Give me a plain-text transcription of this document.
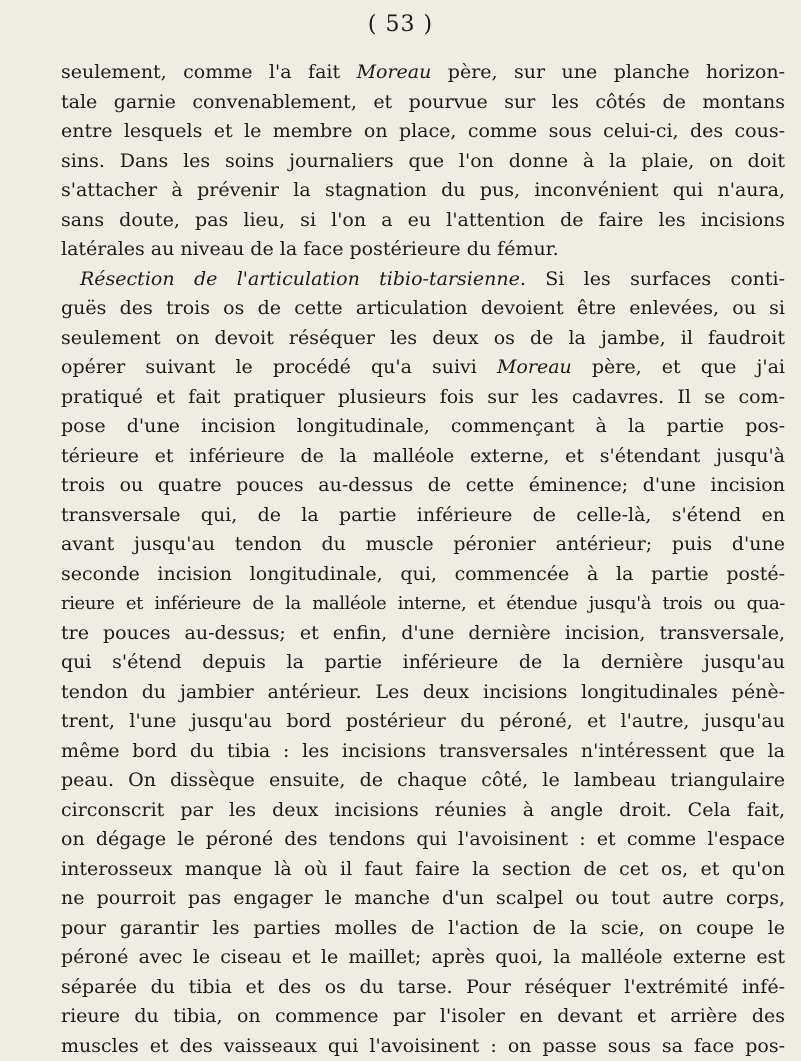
( 53 )
seulement, comme l'a fait Moreau père, sur une planche horizon-
tale garnie convenablement, et pourvue sur les côtés de montans
entre lesquels et le membre on place, comme sous celui-ci, des cous-
sins. Dans les soins journaliers que l'on donne à la plaie, on doit
s'attacher à prévenir la stagnation du pus, inconvénient qui n'aura,
sans doute, pas lieu, si l'on a eu l'attention de faire les incisions
latérales au niveau de la face postérieure du fémur.
 Résection de l'articulation tibio-tarsienne. Si les surfaces conti-
guës des trois os de cette articulation devoient être enlevées, ou si
seulement on devoit réséquer les deux os de la jambe, il faudroit
opérer suivant le procédé qu'a suivi Moreau père, et que j'ai
pratiqué et fait pratiquer plusieurs fois sur les cadavres. Il se com-
pose d'une incision longitudinale, commençant à la partie pos-
térieure et inférieure de la malléole externe, et s'étendant jusqu'à
trois ou quatre pouces au-dessus de cette éminence; d'une incision
transversale qui, de la partie inférieure de celle-là, s'étend en
avant jusqu'au tendon du muscle péronier antérieur; puis d'une
seconde incision longitudinale, qui, commencée à la partie posté-
rieure et inférieure de la malléole interne, et étendue jusqu'à trois ou qua-
tre pouces au-dessus; et enfin, d'une dernière incision, transversale,
qui s'étend depuis la partie inférieure de la dernière jusqu'au
tendon du jambier antérieur. Les deux incisions longitudinales pénè-
trent, l'une jusqu'au bord postérieur du péroné, et l'autre, jusqu'au
même bord du tibia : les incisions transversales n'intéressent que la
peau. On dissèque ensuite, de chaque côté, le lambeau triangulaire
circonscrit par les deux incisions réunies à angle droit. Cela fait,
on dégage le péroné des tendons qui l'avoisinent : et comme l'espace
interosseux manque là où il faut faire la section de cet os, et qu'on
ne pourroit pas engager le manche d'un scalpel ou tout autre corps,
pour garantir les parties molles de l'action de la scie, on coupe le
péroné avec le ciseau et le maillet; après quoi, la malléole externe est
séparée du tibia et des os du tarse. Pour réséquer l'extrémité infé-
rieure du tibia, on commence par l'isoler en devant et arrière des
muscles et des vaisseaux qui l'avoisinent : on passe sous sa face pos-
